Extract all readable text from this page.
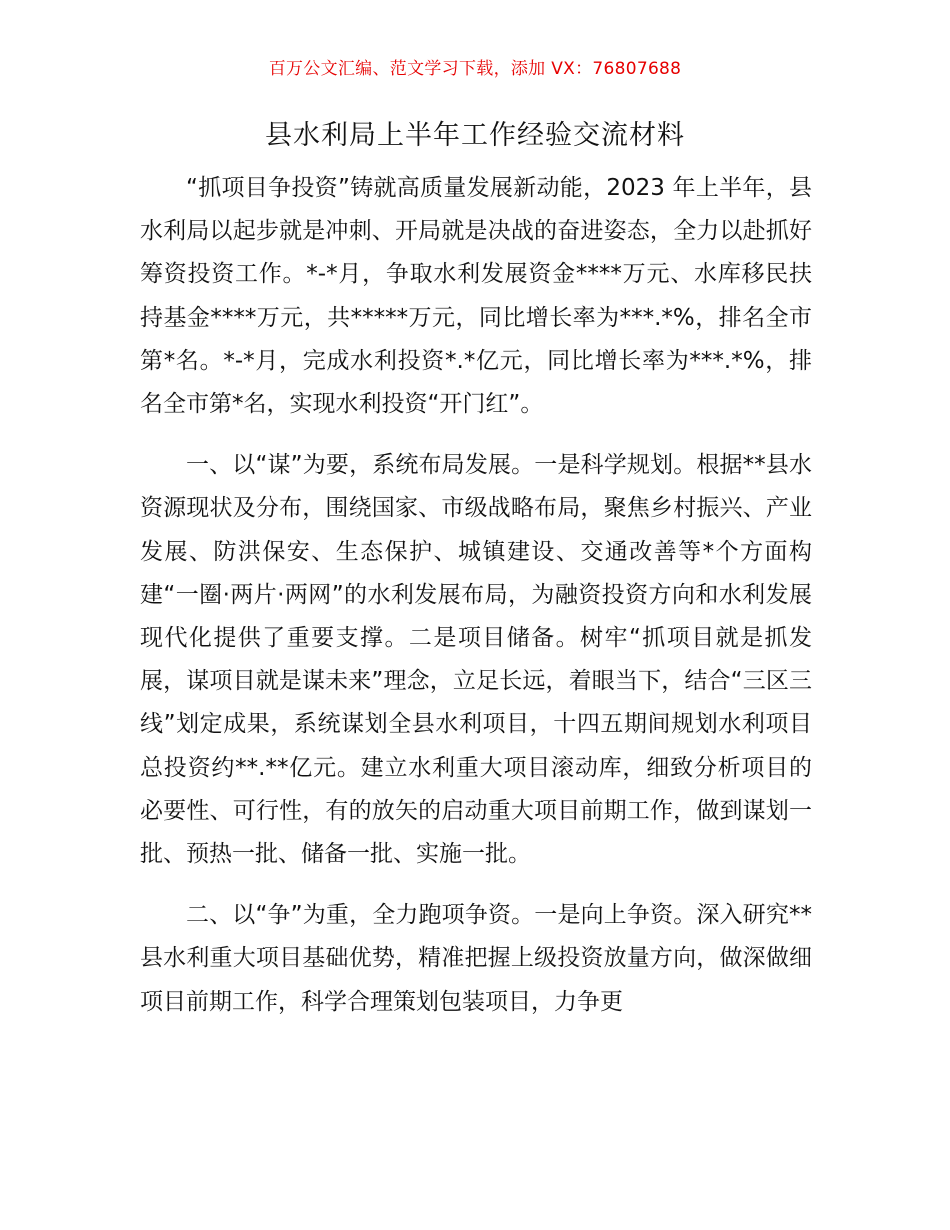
百万公文汇编、范文学习下载，添加 VX：76807688
县水利局上半年工作经验交流材料

“抓项目争投资”铸就高质量发展新动能，2023 年上半年，县水利局以起步就是冲刺、开局就是决战的奋进姿态，全力以赴抓好筹资投资工作。*-*月，争取水利发展资金****万元、水库移民扶持基金****万元，共*****万元，同比增长率为***.*%，排名全市第*名。*-*月，完成水利投资*.*亿元，同比增长率为***.*%，排名全市第*名，实现水利投资“开门红”。

一、以“谋”为要，系统布局发展。一是科学规划。根据**县水资源现状及分布，围绕国家、市级战略布局，聚焦乡村振兴、产业发展、防洪保安、生态保护、城镇建设、交通改善等*个方面构建“一圈·两片·两网”的水利发展布局，为融资投资方向和水利发展现代化提供了重要支撑。二是项目储备。树牢“抓项目就是抓发展，谋项目就是谋未来”理念，立足长远，着眼当下，结合“三区三线”划定成果，系统谋划全县水利项目，十四五期间规划水利项目总投资约**.**亿元。建立水利重大项目滚动库，细致分析项目的必要性、可行性，有的放矢的启动重大项目前期工作，做到谋划一批、预热一批、储备一批、实施一批。

二、以“争”为重，全力跑项争资。一是向上争资。深入研究**县水利重大项目基础优势，精准把握上级投资放量方向，做深做细项目前期工作，科学合理策划包装项目，力争更
